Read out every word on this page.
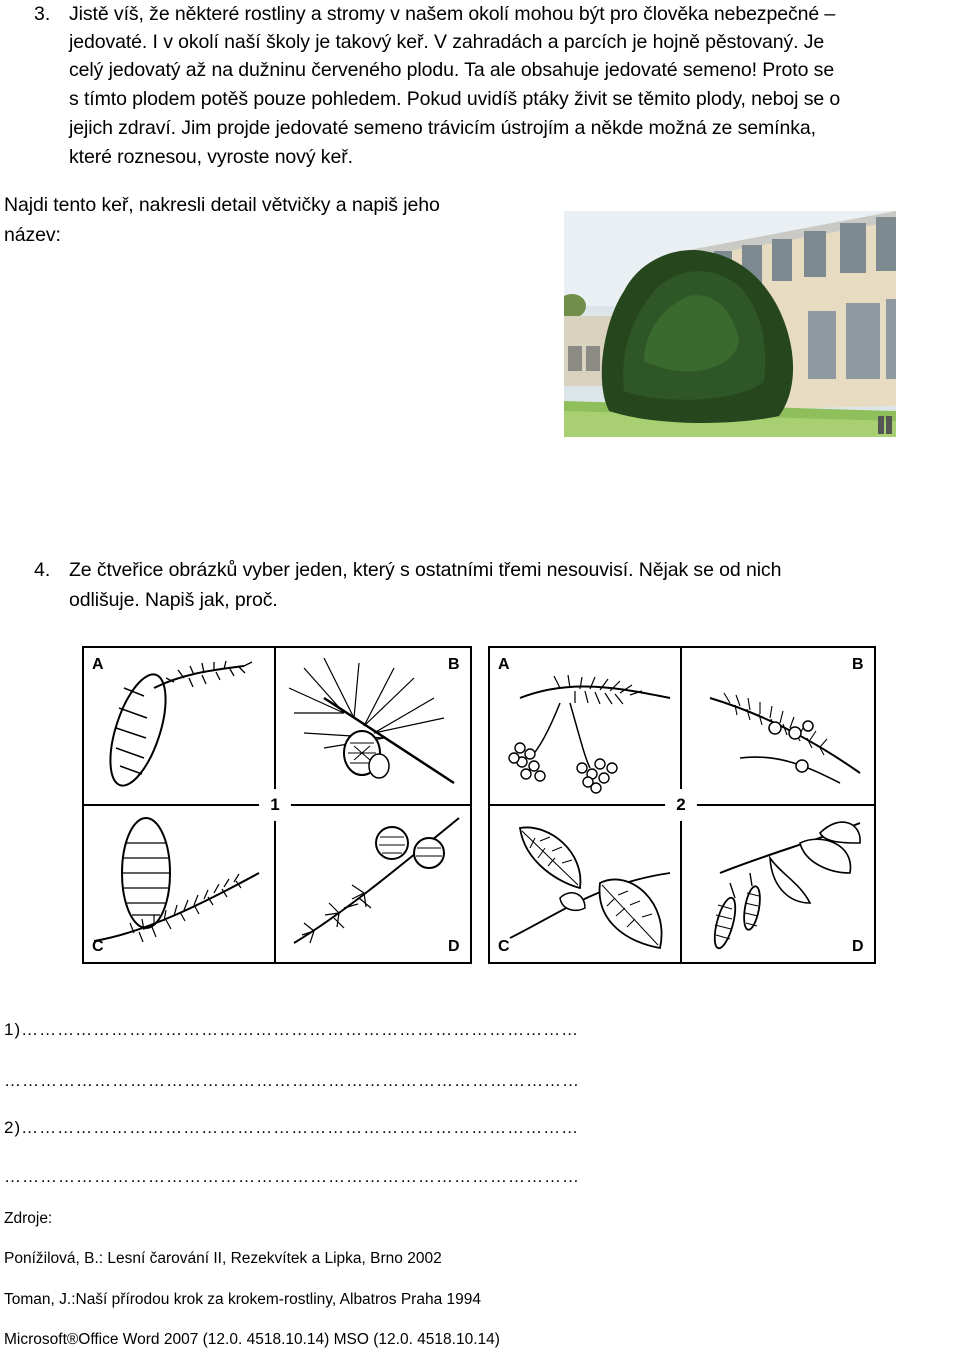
3. Jistě víš, že některé rostliny a stromy v našem okolí mohou být pro člověka nebezpečné –
jedovaté. I v okolí naší školy je takový keř. V zahradách a parcích je hojně pěstovaný. Je
celý jedovatý až na dužninu červeného plodu. Ta ale obsahuje jedovaté semeno! Proto se
s tímto plodem potěš pouze pohledem. Pokud uvidíš ptáky živit se těmito plody, neboj se o
jejich zdraví. Jim projde jedovaté semeno trávicím ústrojím a někde možná ze semínka,
které roznesou, vyroste nový keř.
Najdi tento keř, nakresli detail větvičky a napiš jeho
název:
4. Ze čtveřice obrázků vyber jeden, který s ostatními třemi nesouvisí. Nějak se od nich
odlišuje. Napiš jak, proč.
A	B
C	D
1
A	B
C	D
2
1)…………………………………………………………………………………
……………………………………………………………………………………
2)…………………………………………………………………………………
……………………………………………………………………………………
Zdroje:
Ponížilová, B.: Lesní čarování II, Rezekvítek a Lipka, Brno 2002
Toman, J.:Naší přírodou krok za krokem-rostliny, Albatros Praha 1994
Microsoft®Office Word 2007 (12.0. 4518.10.14) MSO (12.0. 4518.10.14)
